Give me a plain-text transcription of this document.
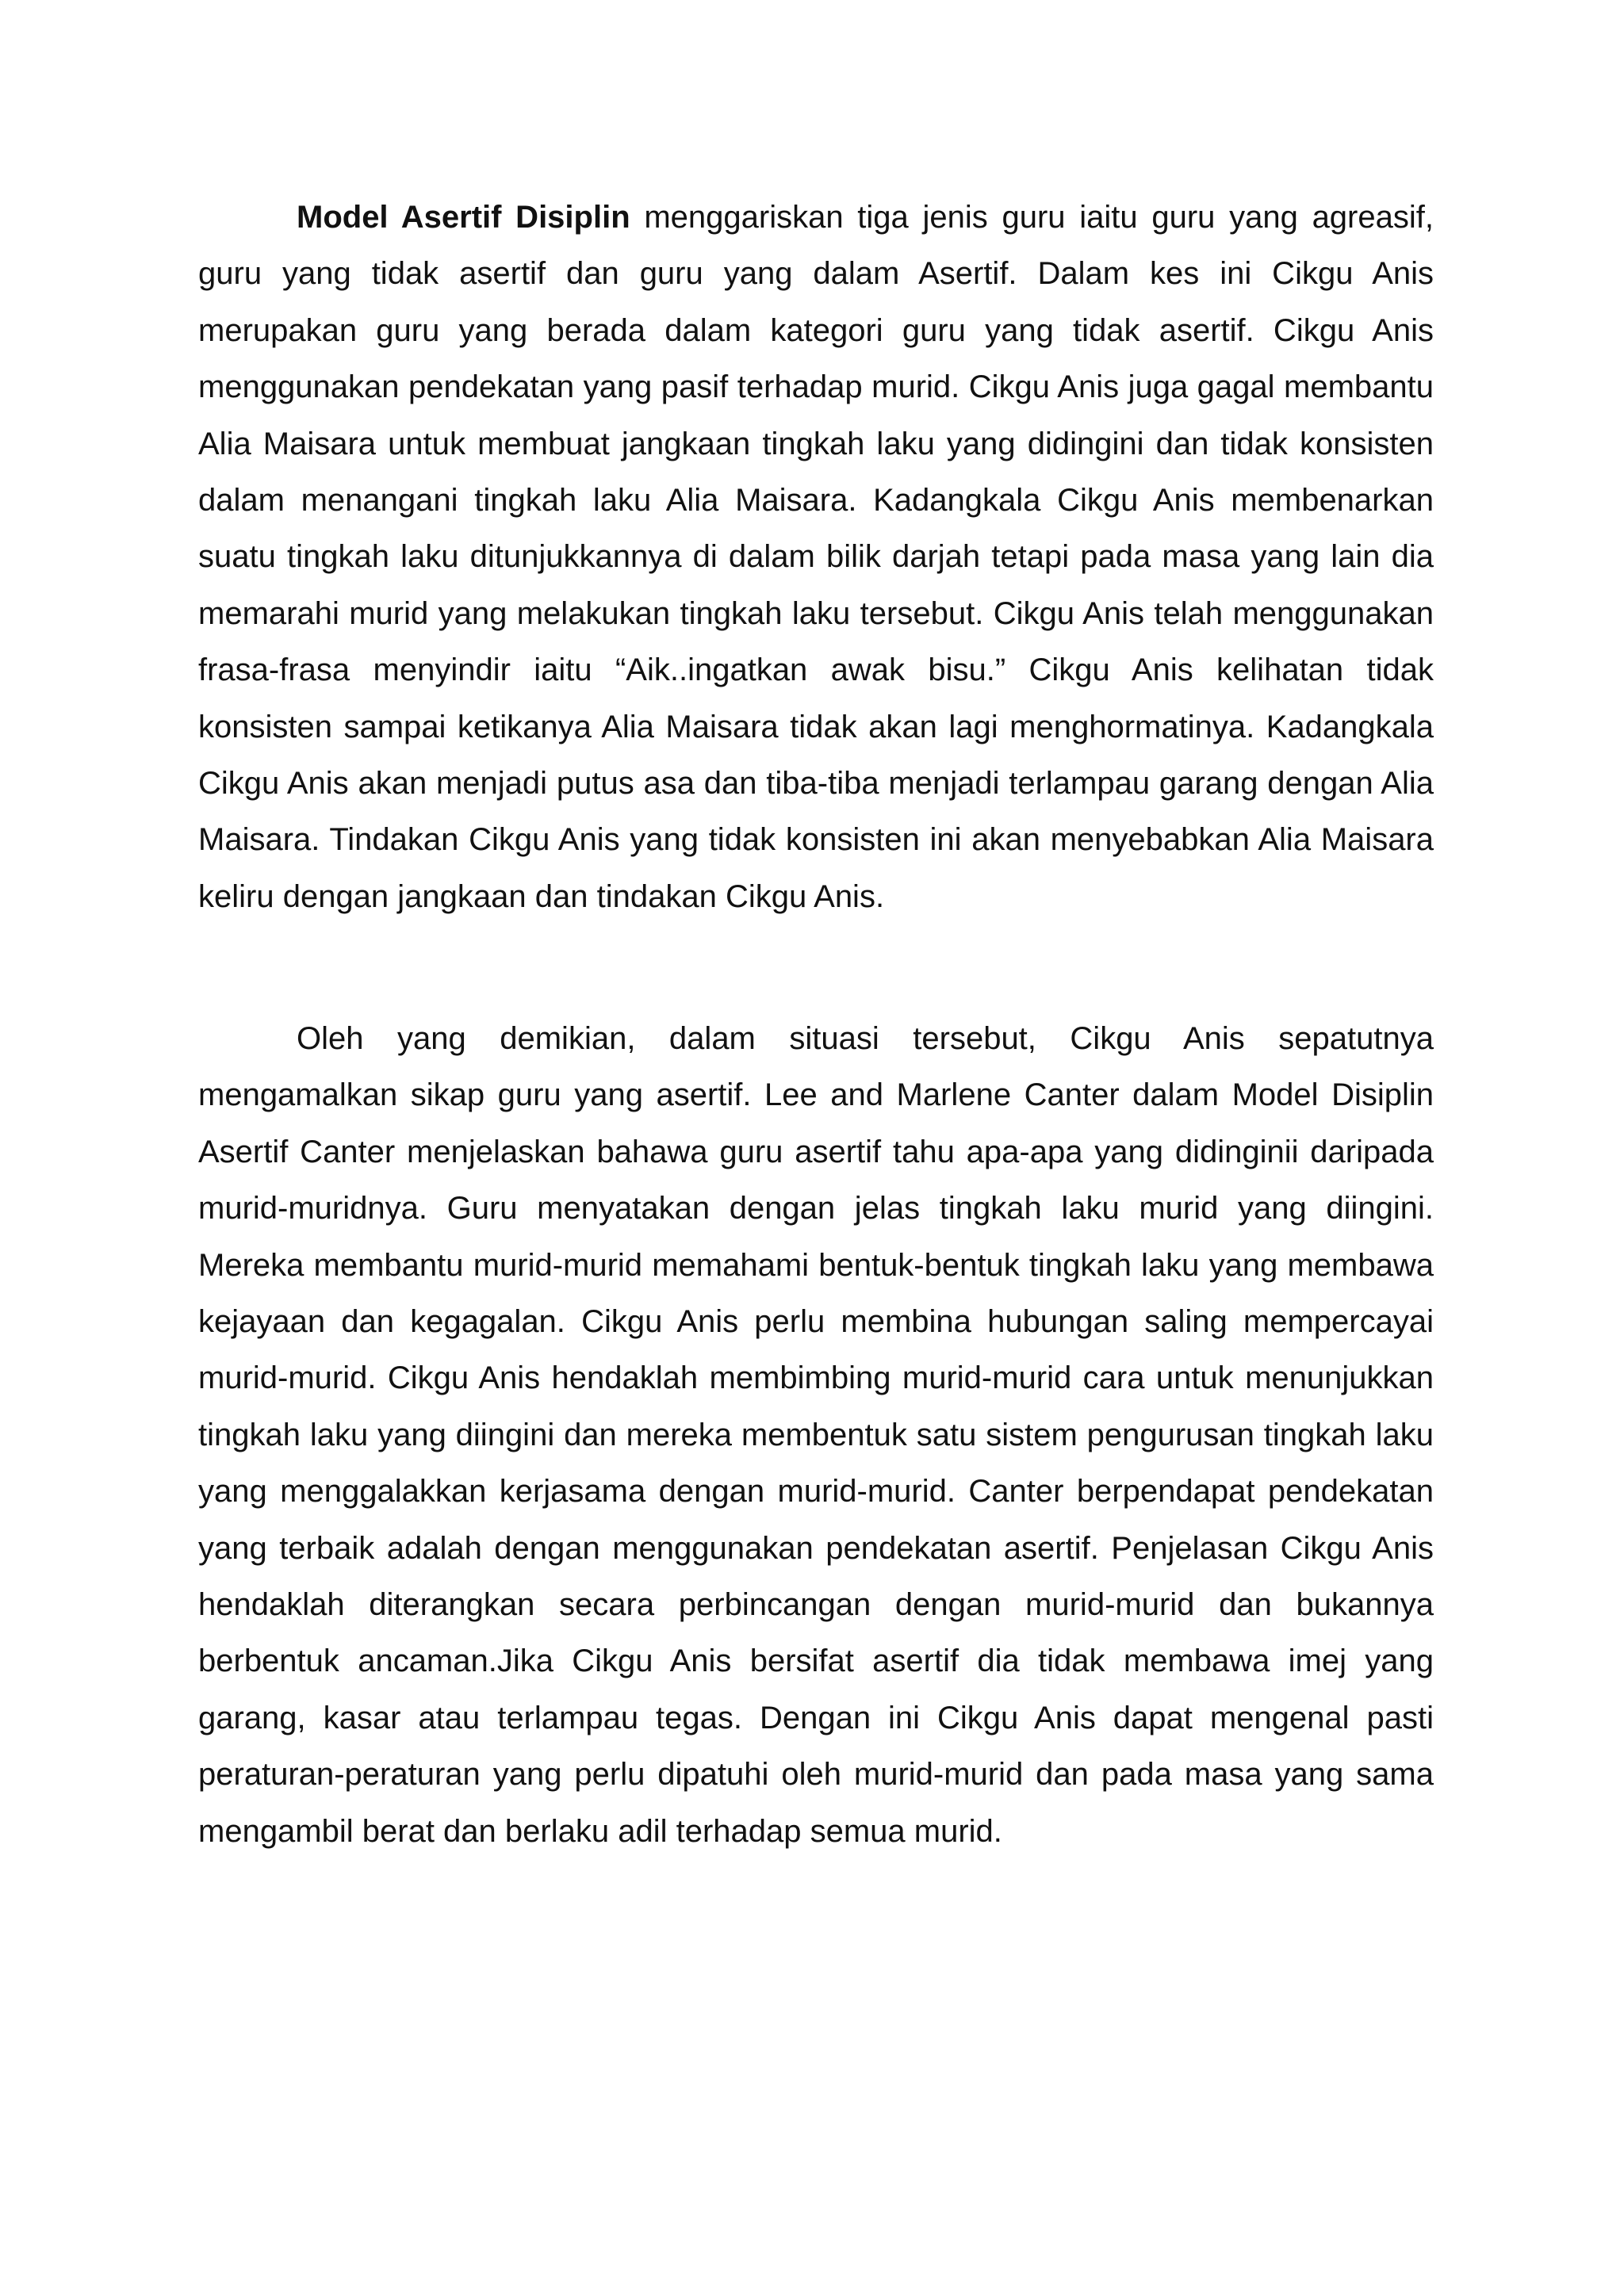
Model Asertif Disiplin menggariskan tiga jenis guru iaitu guru yang agreasif, guru yang tidak asertif dan guru yang dalam Asertif. Dalam kes ini Cikgu Anis merupakan guru yang berada dalam kategori guru yang tidak asertif. Cikgu Anis menggunakan pendekatan yang pasif terhadap murid. Cikgu Anis juga gagal membantu Alia Maisara untuk membuat jangkaan tingkah laku yang didingini dan tidak konsisten dalam menangani tingkah laku Alia Maisara. Kadangkala Cikgu Anis membenarkan suatu tingkah laku ditunjukkannya di dalam bilik darjah tetapi pada masa yang lain dia memarahi murid yang melakukan tingkah laku tersebut. Cikgu Anis telah menggunakan frasa-frasa menyindir iaitu “Aik..ingatkan awak bisu.” Cikgu Anis kelihatan tidak konsisten sampai ketikanya Alia Maisara tidak akan lagi menghormatinya. Kadangkala Cikgu Anis akan menjadi putus asa dan tiba-tiba menjadi terlampau garang dengan Alia Maisara. Tindakan Cikgu Anis yang tidak konsisten ini akan menyebabkan Alia Maisara keliru dengan jangkaan dan tindakan Cikgu Anis.

Oleh yang demikian, dalam situasi tersebut, Cikgu Anis sepatutnya mengamalkan sikap guru yang asertif. Lee and Marlene Canter dalam Model Disiplin Asertif Canter menjelaskan bahawa guru asertif tahu apa-apa yang didinginii daripada murid-muridnya. Guru menyatakan dengan jelas tingkah laku murid yang diingini. Mereka membantu murid-murid memahami bentuk-bentuk tingkah laku yang membawa kejayaan dan kegagalan. Cikgu Anis perlu membina hubungan saling mempercayai murid-murid. Cikgu Anis hendaklah membimbing murid-murid cara untuk menunjukkan tingkah laku yang diingini dan mereka membentuk satu sistem pengurusan tingkah laku yang menggalakkan kerjasama dengan murid-murid. Canter berpendapat pendekatan yang terbaik adalah dengan menggunakan pendekatan asertif. Penjelasan Cikgu Anis hendaklah diterangkan secara perbincangan dengan murid-murid dan bukannya berbentuk ancaman.Jika Cikgu Anis bersifat asertif dia tidak membawa imej yang garang, kasar atau terlampau tegas. Dengan ini Cikgu Anis dapat mengenal pasti peraturan-peraturan yang perlu dipatuhi oleh murid-murid dan pada masa yang sama mengambil berat dan berlaku adil terhadap semua murid.
